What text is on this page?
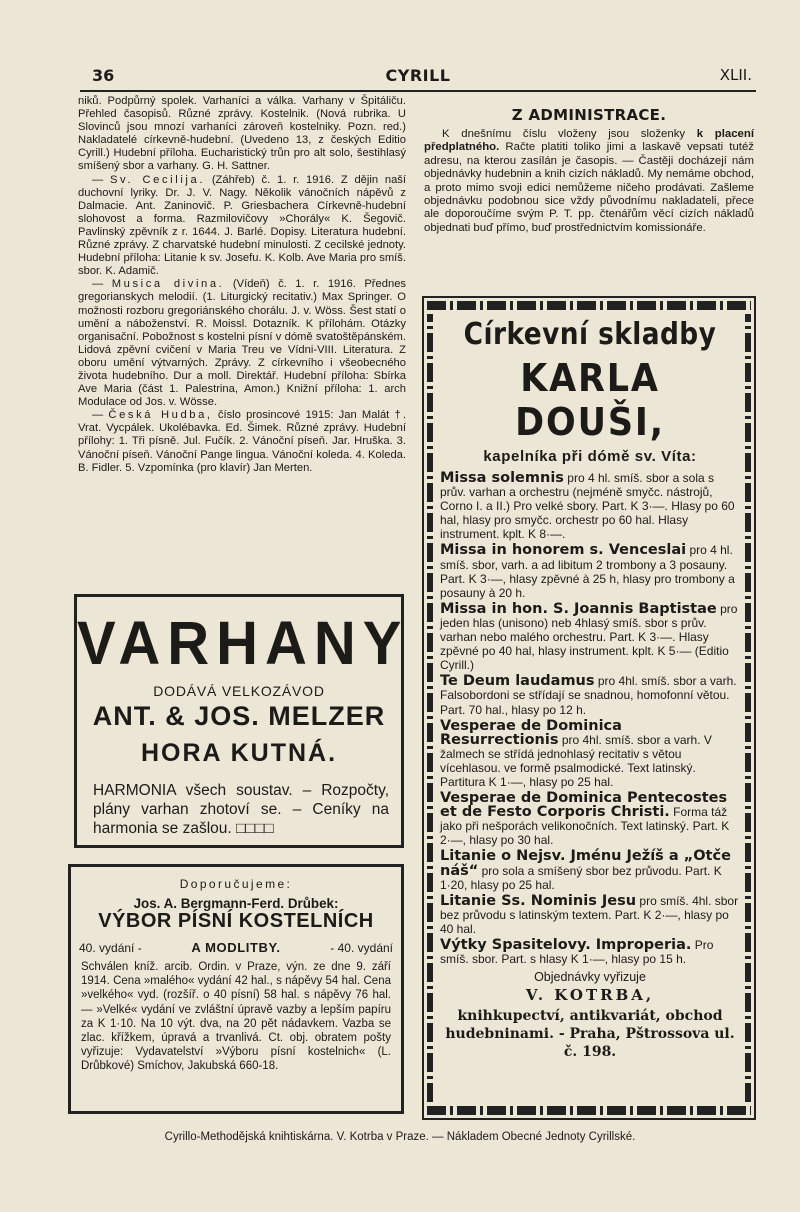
36	CYRILL	XLII.

niků. Podpůrný spolek. Varhaníci a válka. Varhany v Špitáliču. Přehled časopisů. Různé zprávy. Kostelnik. (Nová rubrika. U Slovinců jsou mnozí varhaníci zároveň kostelniky. Pozn. red.) Nakladatelé církevně-hudební. (Uvedeno 13, z českých Editio Cyrill.) Hudební příloha. Eucharistický trůn pro alt solo, šestihlasý smíšený sbor a varhany. G. H. Sattner.

— Sv. Cecilija. (Záhřeb) č. 1. r. 1916. Z dějin naší duchovní lyriky. Dr. J. V. Nagy. Několik vánočních nápěvů z Dalmacie. Ant. Zaninovič. P. Griesbachera Církevně-hudební slohovost a forma. Razmilovičovy »Chorály« K. Šegovič. Pavlinský zpěvník z r. 1644. J. Barlé. Dopisy. Literatura hudební. Různé zprávy. Z charvatské hudební minulosti. Z cecilské jednoty. Hudební příloha: Litanie k sv. Josefu. K. Kolb. Ave Maria pro smíš. sbor. K. Adamič.

— Musica divina. (Vídeň) č. 1. r. 1916. Přednes gregorianskych melodií. (1. Liturgický recitativ.) Max Springer. O možnosti rozboru gregoriánského chorálu. J. v. Wöss. Šest statí o umění a náboženství. R. Moissl. Dotazník. K přílohám. Otázky organisační. Pobožnost s kostelni písní v dómě svatoštěpánském. Lidová zpěvní cvičení v Maria Treu ve Vídni-VIII. Literatura. Z oboru umění výtvarných. Zprávy. Z církevního i všeobecného života hudebního. Dur a moll. Direktář. Hudební příloha: Sbírka Ave Maria (část 1. Palestrina, Amon.) Knižní příloha: 1. arch Modulace od Jos. v. Wösse.

— Česká Hudba, číslo prosincové 1915: Jan Malát †. Vrat. Vycpálek. Ukolébavka. Ed. Šimek. Různé zprávy. Hudební přílohy: 1. Tři písně. Jul. Fučík. 2. Vánoční píseň. Jar. Hruška. 3. Vánoční píseň. Vánoční Pange lingua. Vánoční koleda. 4. Koleda. B. Fidler. 5. Vzpomínka (pro klavír) Jan Merten.

VARHANY
DODÁVÁ VELKOZÁVOD
ANT. & JOS. MELZER
HORA KUTNÁ.
HARMONIA všech soustav. – Rozpočty, plány varhan zhotoví se. – Ceníky na harmonia se zašlou. □□□□
Doporučujeme:
Jos. A. Bergmann-Ferd. Drůbek:
VÝBOR PÍSNÍ KOSTELNÍCH
40. vydání -	A MODLITBY.	- 40. vydání
Schválen kníž. arcib. Ordin. v Praze, výn. ze dne 9. září 1914. Cena »malého« vydání 42 hal., s nápěvy 54 hal. Cena »velkého« vyd. (rozšíř. o 40 písní) 58 hal. s nápěvy 76 hal. — »Velké« vydání ve zvláštní úpravě vazby a lepším papíru za K 1·10. Na 10 výt. dva, na 20 pět nádavkem. Vazba se zlac. křížkem, úpravá a trvanlivá. Ct. obj. obratem pošty vyřizuje: Vydavatelství »Výboru písní kostelnich« (L. Drůbkové) Smíchov, Jakubská 660-18.
Z ADMINISTRACE.

K dnešnímu číslu vloženy jsou složenky k placení předplatného. Račte platiti toliko jimi a laskavě vepsati tutéž adresu, na kterou zasílán je časopis. — Častěji docházejí nám objednávky hudebnin a knih cizích nákladů. My nemáme obchod, a proto mimo svoji edici nemůžeme ničeho prodávati. Zašleme objednávku podobnou sice vždy původnímu nakladateli, přece ale doporoučíme svým P. T. pp. čtenářům věcí cizích nákladů objednati buď přímo, buď prostřednictvím komissionáře.

Církevní skladby
KARLA DOUŠI,
kapelníka při dómě sv. Víta:
Missa solemnis pro 4 hl. smíš. sbor a sola s prův. varhan a orchestru (nejméně smyčc. nástrojů, Corno I. a II.) Pro velké sbory. Part. K 3·—. Hlasy po 60 hal, hlasy pro smyčc. orchestr po 60 hal. Hlasy instrument. kplt. K 8·—.
Missa in honorem s. Venceslai pro 4 hl. smíš. sbor, varh. a ad libitum 2 trombony a 3 posauny. Part. K 3·—, hlasy zpěvné à 25 h, hlasy pro trombony a posauny à 20 h.
Missa in hon. S. Joannis Baptistae pro jeden hlas (unisono) neb 4hlasý smíš. sbor s prův. varhan nebo malého orchestru. Part. K 3·—. Hlasy zpěvné po 40 hal, hlasy instrument. kplt. K 5·— (Editio Cyrill.)
Te Deum laudamus pro 4hl. smíš. sbor a varh. Falsobordoni se střídají se snadnou, homofonní větou. Part. 70 hal., hlasy po 12 h.
Vesperae de Dominica Resurrectionis pro 4hl. smíš. sbor a varh. V žalmech se střídá jednohlasý recitativ s větou vícehlasou. ve formě psalmodické. Text latinský. Partitura K 1·—, hlasy po 25 hal.
Vesperae de Dominica Pentecostes et de Festo Corporis Christi. Forma táž jako při nešporách velikonočních. Text latinský. Part. K 2·—, hlasy po 30 hal.
Litanie o Nejsv. Jménu Ježíš a „Otče náš“ pro sola a smíšený sbor bez průvodu. Part. K 1·20, hlasy po 25 hal.
Litanie Ss. Nominis Jesu pro smíš. 4hl. sbor bez průvodu s latinským textem. Part. K 2·—, hlasy po 40 hal.
Výtky Spasitelovy. Improperia. Pro smíš. sbor. Part. s hlasy K 1·—, hlasy po 15 h.
Objednávky vyřizuje
V. KOTRBA,
knihkupectví, antikvariát, obchod hudebninami. - Praha, Pštrossova ul. č. 198.
Cyrillo-Methodějská knihtiskárna. V. Kotrba v Praze. — Nákladem Obecné Jednoty Cyrillské.
